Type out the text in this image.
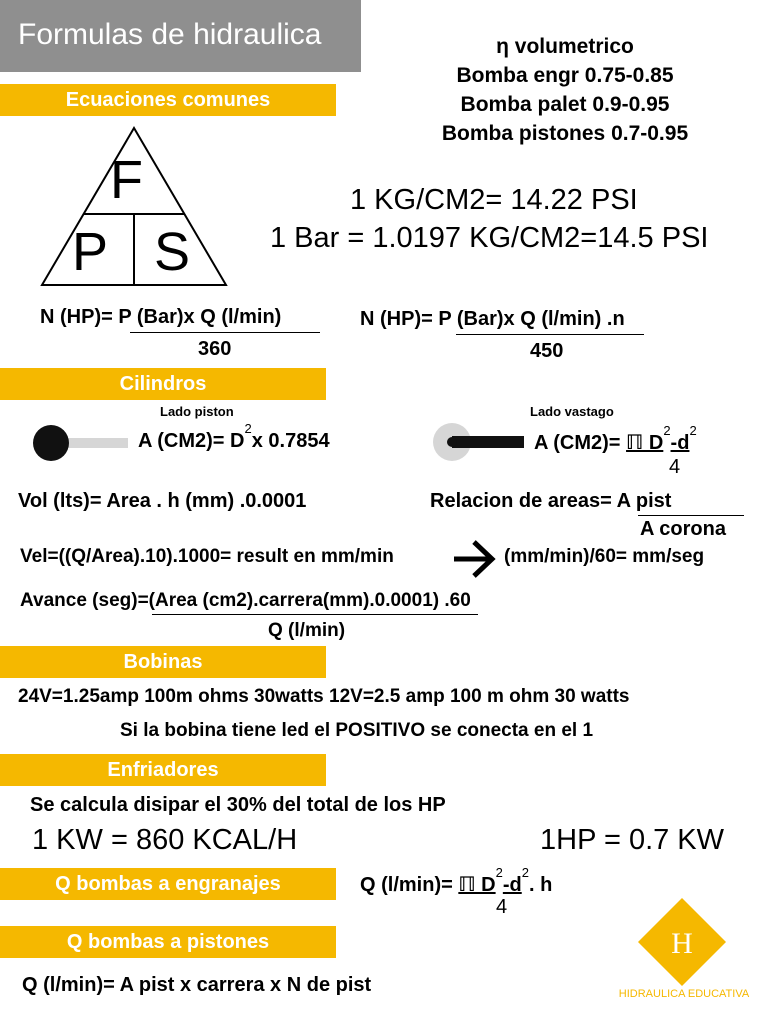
Formulas de hidraulica
Ecuaciones comunes
η volumetrico
Bomba engr 0.75-0.85
Bomba palet 0.9-0.95
Bomba pistones 0.7-0.95
F
P S
1 KG/CM2= 14.22 PSI
1 Bar = 1.0197 KG/CM2=14.5 PSI
N (HP)= P (Bar)x Q (l/min)
360
N (HP)= P (Bar)x Q (l/min) .n
450
Cilindros
Lado piston	Lado vastago
A $(CM2)= D^2x$ 0.7854	A (CM2)= ℿ $D^2-d^2$
4
Vol (lts)= Area . h (mm) .0.0001	Relacion de areas= A pist
A corona
Vel=((Q/Area).10).1000= result en mm/min	(mm/min)/60= mm/seg
Avance (seg)=(Area (cm2).carrera(mm).0.0001) .60
Q (l/min)
Bobinas
24V=1.25amp 100m ohms 30watts 12V=2.5 amp 100 m ohm 30 watts
Si la bobina tiene led el POSITIVO se conecta en el 1
Enfriadores
Se calcula disipar el 30% del total de los HP
1 KW = 860 KCAL/H	1HP = 0.7 KW
Q bombas a engranajes	Q (l/min)= ℿ $D^2-d^2$. h
4
Q bombas a pistones
Q (l/min)= A pist x carrera x N de pist
H
HIDRAULICA EDUCATIVA
